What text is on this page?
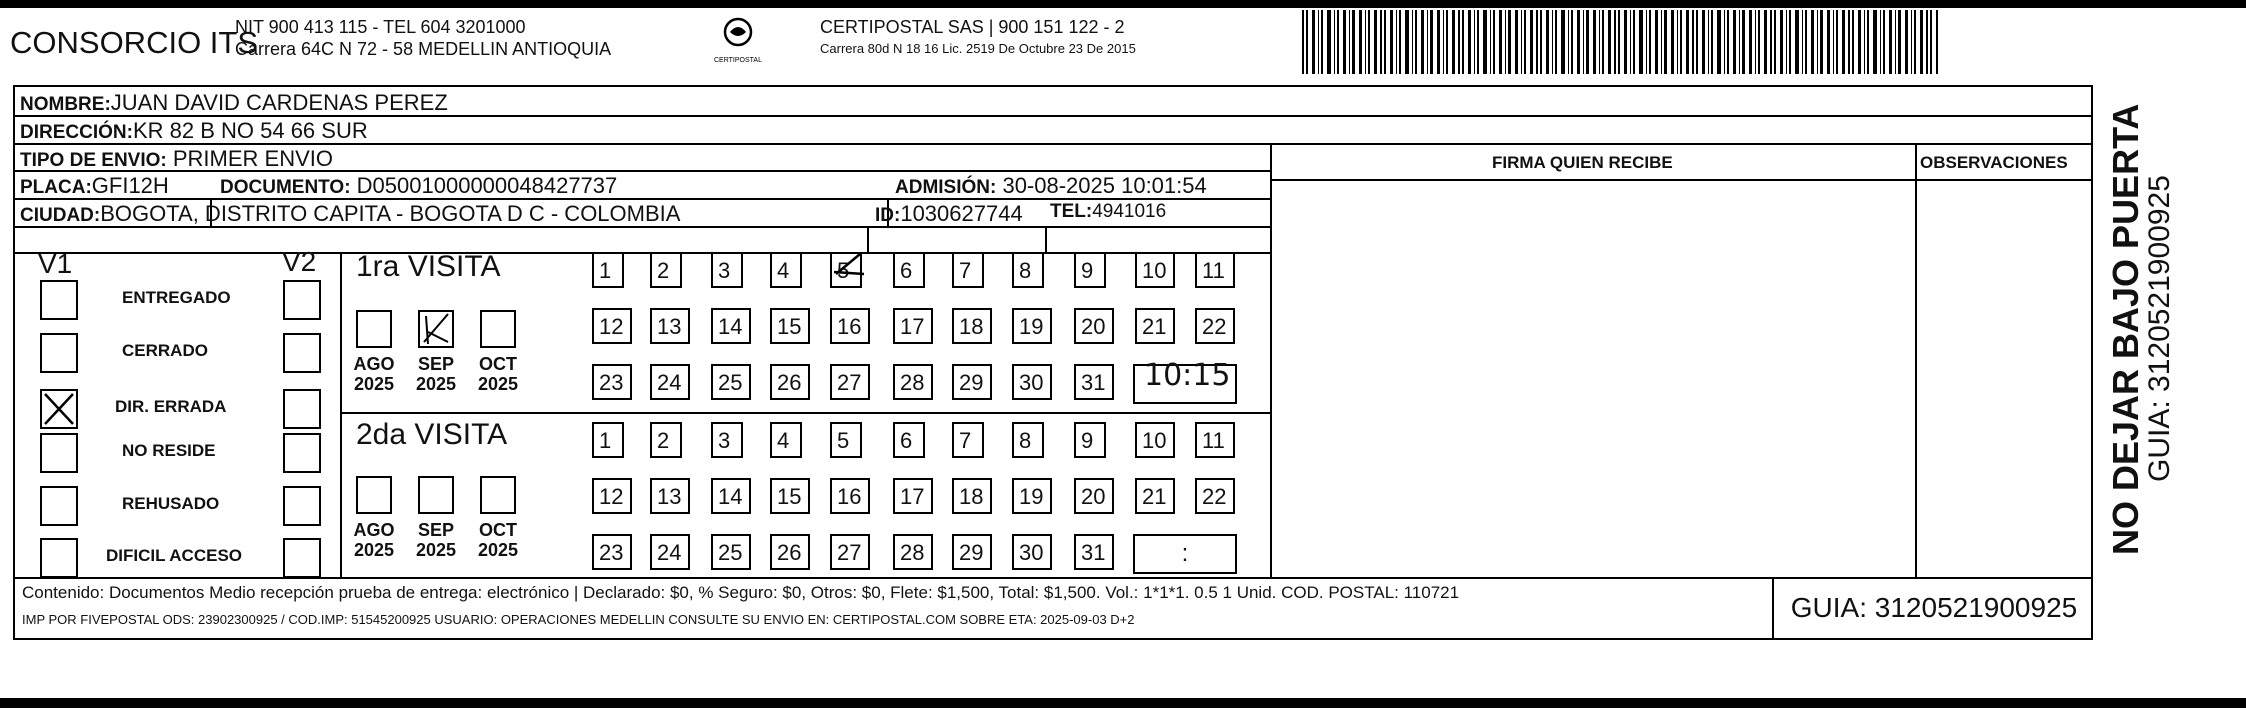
CONSORCIO ITS
NIT 900 413 115 - TEL 604 3201000
Carrera 64C N 72 - 58 MEDELLIN ANTIOQUIA
CERTIPOSTAL
CERTIPOSTAL SAS | 900 151 122 - 2
Carrera 80d N 18 16 Lic. 2519 De Octubre 23 De 2015
NOMBRE:JUAN DAVID CARDENAS PEREZ
DIRECCIÓN:KR 82 B NO 54 66 SUR
TIPO DE ENVIO: PRIMER ENVIO
PLACA:GFI12H	DOCUMENTO: D05001000000048427737	ADMISIÓN: 30-08-2025 10:01:54
CIUDAD:BOGOTA, DISTRITO CAPITA - BOGOTA D C - COLOMBIA	ID:1030627744 TEL:4941016
FIRMA QUIEN RECIBE	OBSERVACIONES
V1	V2
ENTREGADO
CERRADO
DIR. ERRADA
NO RESIDE
REHUSADO
DIFICIL ACCESO
1ra VISITA
2da VISITA
AGO
2025
SEP
2025
OCT
2025
AGO
2025
SEP
2025
OCT
2025
1	2	3	4	5	6	7	8	9	10	11
12	13	14	15	16	17	18	19	20	21	22
23	24	25	26	27	28	29	30	31
1	2	3	4	5	6	7	8	9	10	11
12	13	14	15	16	17	18	19	20	21	22
23	24	25	26	27	28	29	30	31	:
10:15
Contenido: Documentos Medio recepción prueba de entrega: electrónico | Declarado: $0, % Seguro: $0, Otros: $0, Flete: $1,500, Total: $1,500. Vol.: 1*1*1. 0.5 1 Unid. COD. POSTAL: 110721
IMP POR FIVEPOSTAL ODS: 23902300925 / COD.IMP: 51545200925 USUARIO: OPERACIONES MEDELLIN CONSULTE SU ENVIO EN: CERTIPOSTAL.COM SOBRE ETA: 2025-09-03 D+2	GUIA: 3120521900925
NO DEJAR BAJO PUERTA
GUIA: 3120521900925
